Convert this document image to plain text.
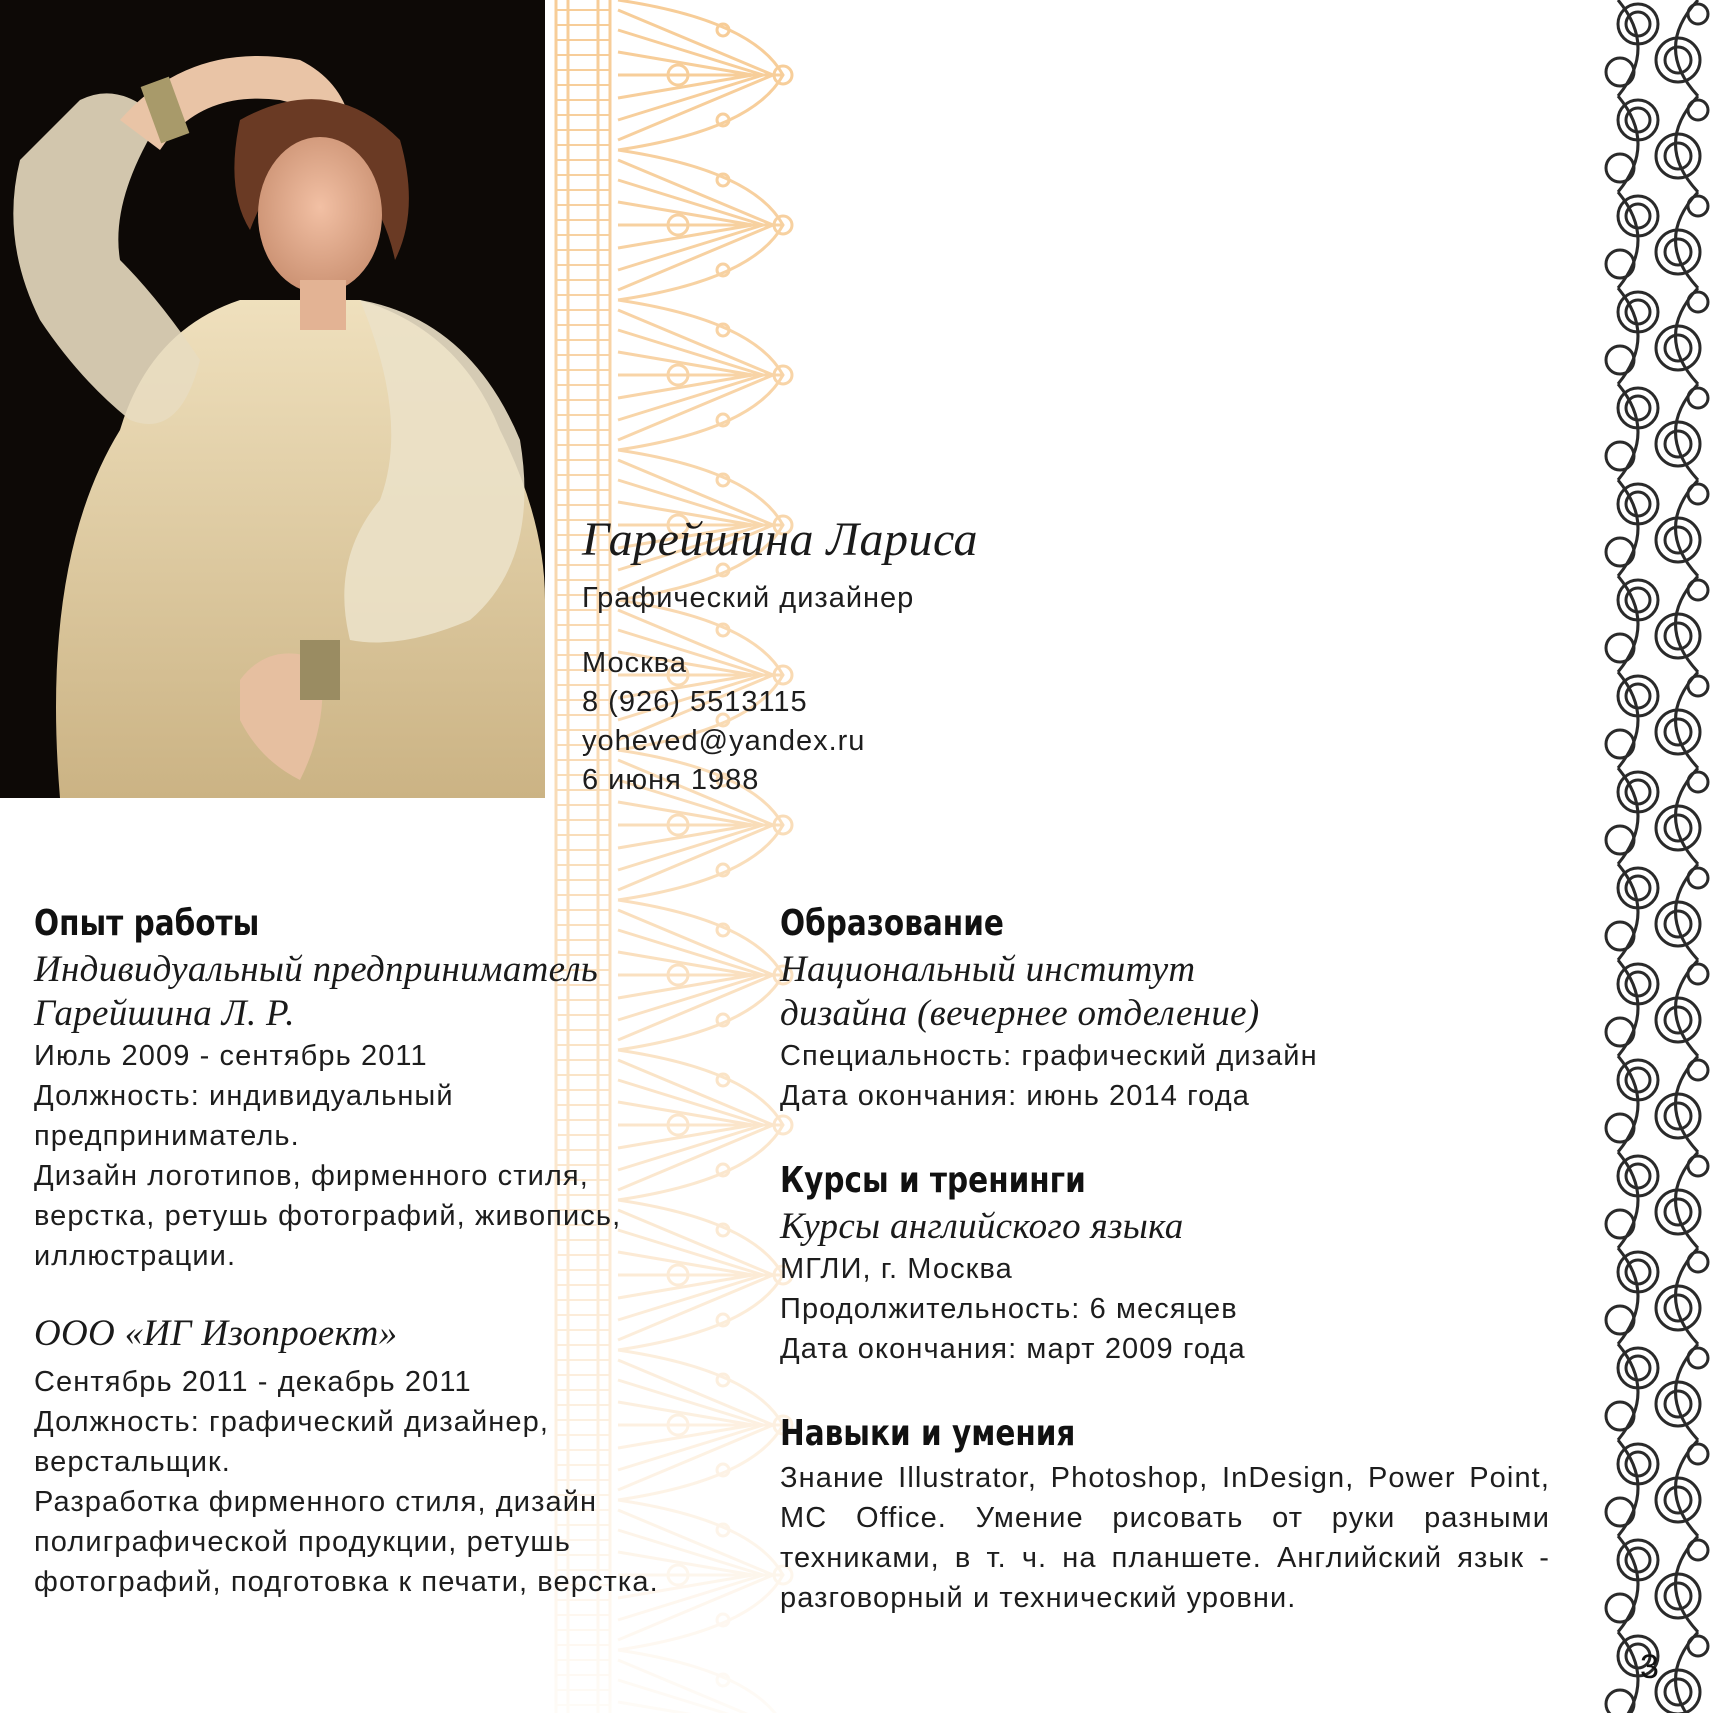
Гарейшина Лариса
Графический дизайнер
Москва
8 (926) 5513115
yoheved@yandex.ru
6 июня 1988
Опыт работы
Индивидуальный предприниматель
Гарейшина Л. Р.
Июль 2009 - сентябрь 2011
Должность: индивидуальный
предприниматель.
Дизайн логотипов, фирменного стиля,
верстка, ретушь фотографий, живопись,
иллюстрации.
ООО «ИГ Изопроект»
Сентябрь 2011 - декабрь 2011
Должность: графический дизайнер,
верстальщик.
Разработка фирменного стиля, дизайн
полиграфической продукции, ретушь
фотографий, подготовка к печати, верстка.
Образование
Национальный институт
дизайна (вечернее отделение)
Специальность: графический дизайн
Дата окончания: июнь 2014 года
Курсы и тренинги
Курсы английского языка
МГЛИ, г. Москва
Продолжительность: 6 месяцев
Дата окончания: март 2009 года
Навыки и умения
Знание Illustrator, Photoshop, InDesign, Power Point, МС Office. Умение рисовать от руки разными техниками, в т. ч. на планшете. Английский язык - разговорный и технический уровни.
3
